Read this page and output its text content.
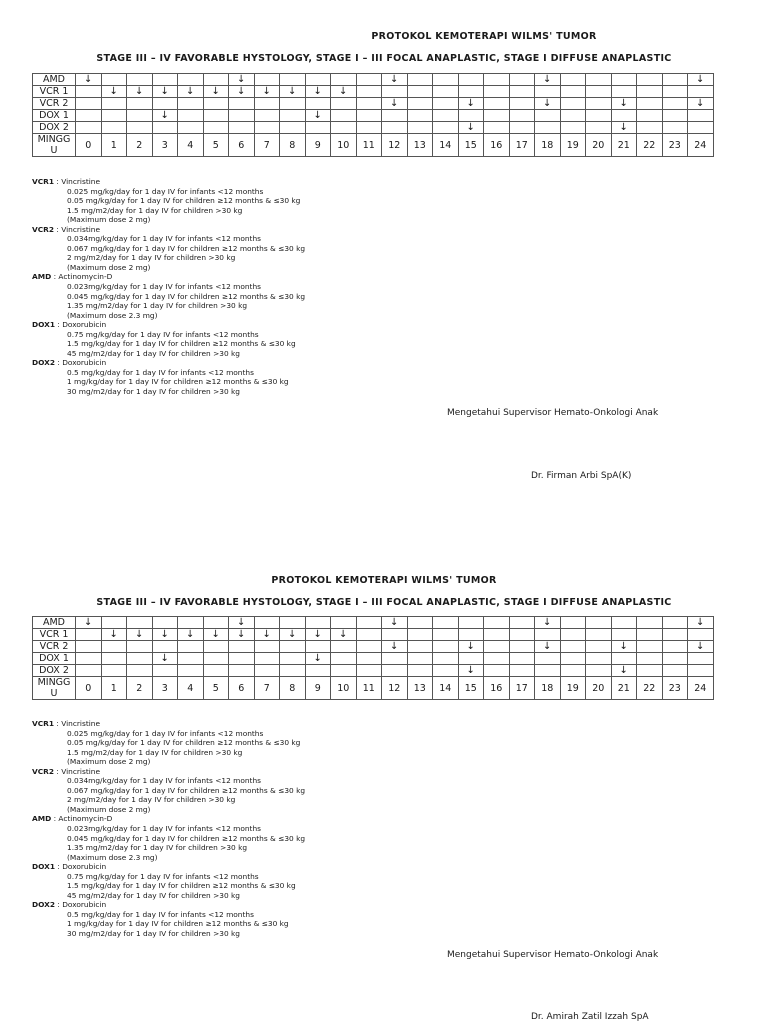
PROTOKOL KEMOTERAPI WILMS' TUMOR
STAGE III – IV FAVORABLE HYSTOLOGY, STAGE I – III FOCAL ANAPLASTIC, STAGE I DIFFUSE ANAPLASTIC
AMD	↓						↓						↓						↓						↓
VCR 1		↓	↓	↓	↓	↓	↓	↓	↓	↓	↓														
VCR 2													↓			↓			↓			↓			↓
DOX 1				↓						↓															
DOX 2																↓						↓			
MINGG U	0	1	2	3	4	5	6	7	8	9	10	11	12	13	14	15	16	17	18	19	20	21	22	23	24
VCR1 : Vincristine
0.025 mg/kg/day for 1 day IV for infants <12 months
0.05 mg/kg/day for 1 day IV for children ≥12 months & ≤30 kg
1.5 mg/m2/day for 1 day IV for children >30 kg
(Maximum dose 2 mg)
VCR2 : Vincristine
0.034mg/kg/day for 1 day IV for infants <12 months
0.067 mg/kg/day for 1 day IV for children ≥12 months & ≤30 kg
2 mg/m2/day for 1 day IV for children >30 kg
(Maximum dose 2 mg)
AMD : Actinomycin-D
0.023mg/kg/day for 1 day IV for infants <12 months
0.045 mg/kg/day for 1 day IV for children ≥12 months & ≤30 kg
1.35 mg/m2/day for 1 day IV for children >30 kg
(Maximum dose 2.3 mg)
DOX1 : Doxorubicin
0.75 mg/kg/day for 1 day IV for infants <12 months
1.5 mg/kg/day for 1 day IV for children ≥12 months & ≤30 kg
45 mg/m2/day for 1 day IV for children >30 kg
DOX2 : Doxorubicin
0.5 mg/kg/day for 1 day IV for infants <12 months
1 mg/kg/day for 1 day IV for children ≥12 months & ≤30 kg
30 mg/m2/day for 1 day IV for children >30 kg
Mengetahui Supervisor Hemato-Onkologi Anak
Dr. Firman Arbi SpA(K)
PROTOKOL KEMOTERAPI WILMS' TUMOR
STAGE III – IV FAVORABLE HYSTOLOGY, STAGE I – III FOCAL ANAPLASTIC, STAGE I DIFFUSE ANAPLASTIC
AMD	↓						↓						↓						↓						↓
VCR 1		↓	↓	↓	↓	↓	↓	↓	↓	↓	↓														
VCR 2													↓			↓			↓			↓			↓
DOX 1				↓						↓															
DOX 2																↓						↓			
MINGG U	0	1	2	3	4	5	6	7	8	9	10	11	12	13	14	15	16	17	18	19	20	21	22	23	24
VCR1 : Vincristine
0.025 mg/kg/day for 1 day IV for infants <12 months
0.05 mg/kg/day for 1 day IV for children ≥12 months & ≤30 kg
1.5 mg/m2/day for 1 day IV for children >30 kg
(Maximum dose 2 mg)
VCR2 : Vincristine
0.034mg/kg/day for 1 day IV for infants <12 months
0.067 mg/kg/day for 1 day IV for children ≥12 months & ≤30 kg
2 mg/m2/day for 1 day IV for children >30 kg
(Maximum dose 2 mg)
AMD : Actinomycin-D
0.023mg/kg/day for 1 day IV for infants <12 months
0.045 mg/kg/day for 1 day IV for children ≥12 months & ≤30 kg
1.35 mg/m2/day for 1 day IV for children >30 kg
(Maximum dose 2.3 mg)
DOX1 : Doxorubicin
0.75 mg/kg/day for 1 day IV for infants <12 months
1.5 mg/kg/day for 1 day IV for children ≥12 months & ≤30 kg
45 mg/m2/day for 1 day IV for children >30 kg
DOX2 : Doxorubicin
0.5 mg/kg/day for 1 day IV for infants <12 months
1 mg/kg/day for 1 day IV for children ≥12 months & ≤30 kg
30 mg/m2/day for 1 day IV for children >30 kg
Mengetahui Supervisor Hemato-Onkologi Anak
Dr. Amirah Zatil Izzah SpA
